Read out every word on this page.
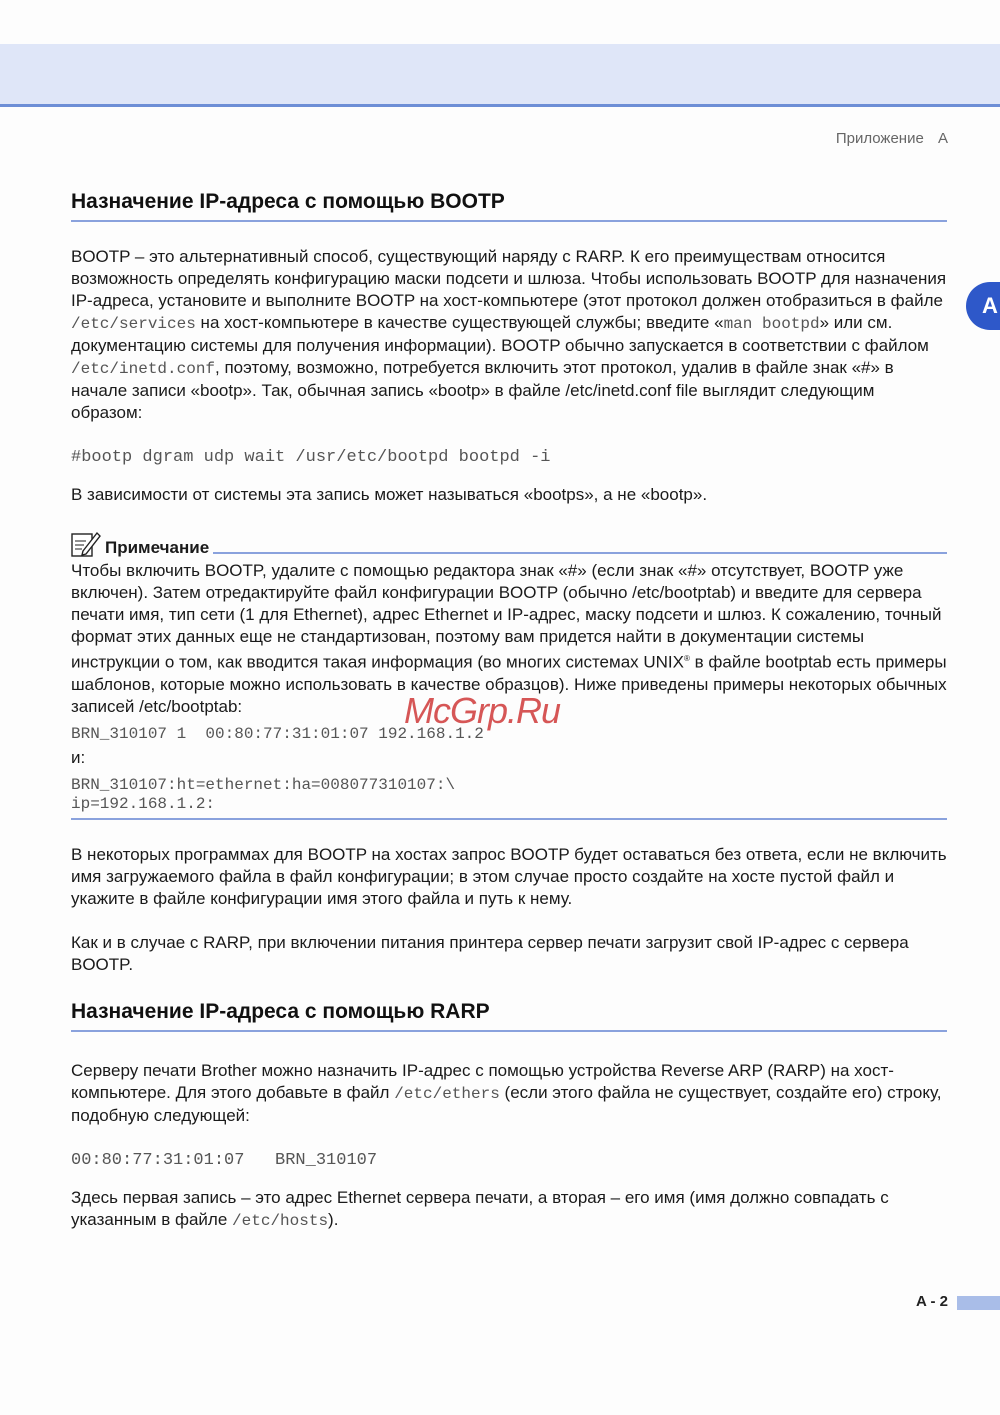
Приложение A
A
Назначение IP-адреса с помощью BOOTP

BOOTP – это альтернативный способ, существующий наряду с RARP. К его преимуществам относится возможность определять конфигурацию маски подсети и шлюза. Чтобы использовать BOOTP для назначения IP-адреса, установите и выполните BOOTP на хост-компьютере (этот протокол должен отобразиться в файле /etc/services на хост-компьютере в качестве существующей службы; введите «man bootpd» или см. документацию системы для получения информации). BOOTP обычно запускается в соответствии с файлом /etc/inetd.conf, поэтому, возможно, потребуется включить этот протокол, удалив в файле знак «#» в начале записи «bootp». Так, обычная запись «bootp» в файле /etc/inetd.conf file выглядит следующим образом:

#bootp dgram udp wait /usr/etc/bootpd bootpd -i

В зависимости от системы эта запись может называться «bootps», а не «bootp».

Примечание

Чтобы включить BOOTP, удалите с помощью редактора знак «#» (если знак «#» отсутствует, BOOTP уже включен). Затем отредактируйте файл конфигурации BOOTP (обычно /etc/bootptab) и введите для сервера печати имя, тип сети (1 для Ethernet), адрес Ethernet и IP-адрес, маску подсети и шлюз. К сожалению, точный формат этих данных еще не стандартизован, поэтому вам придется найти в документации системы инструкции о том, как вводится такая информация (во многих системах UNIX® в файле bootptab есть примеры шаблонов, которые можно использовать в качестве образцов). Ниже приведены примеры некоторых обычных записей /etc/bootptab:

BRN_310107 1  00:80:77:31:01:07 192.168.1.2

и:

BRN_310107:ht=ethernet:ha=008077310107:\
ip=192.168.1.2:

В некоторых программах для BOOTP на хостах запрос BOOTP будет оставаться без ответа, если не включить имя загружаемого файла в файл конфигурации; в этом случае просто создайте на хосте пустой файл и укажите в файле конфигурации имя этого файла и путь к нему.

Как и в случае с RARP, при включении питания принтера сервер печати загрузит свой IP-адрес с сервера BOOTP.

Назначение IP-адреса с помощью RARP

Серверу печати Brother можно назначить IP-адрес с помощью устройства Reverse ARP (RARP) на хост-компьютере. Для этого добавьте в файл /etc/ethers (если этого файла не существует, создайте его) строку, подобную следующей:

00:80:77:31:01:07   BRN_310107

Здесь первая запись – это адрес Ethernet сервера печати, а вторая – его имя (имя должно совпадать с указанным в файле /etc/hosts).

McGrp.Ru
A - 2
